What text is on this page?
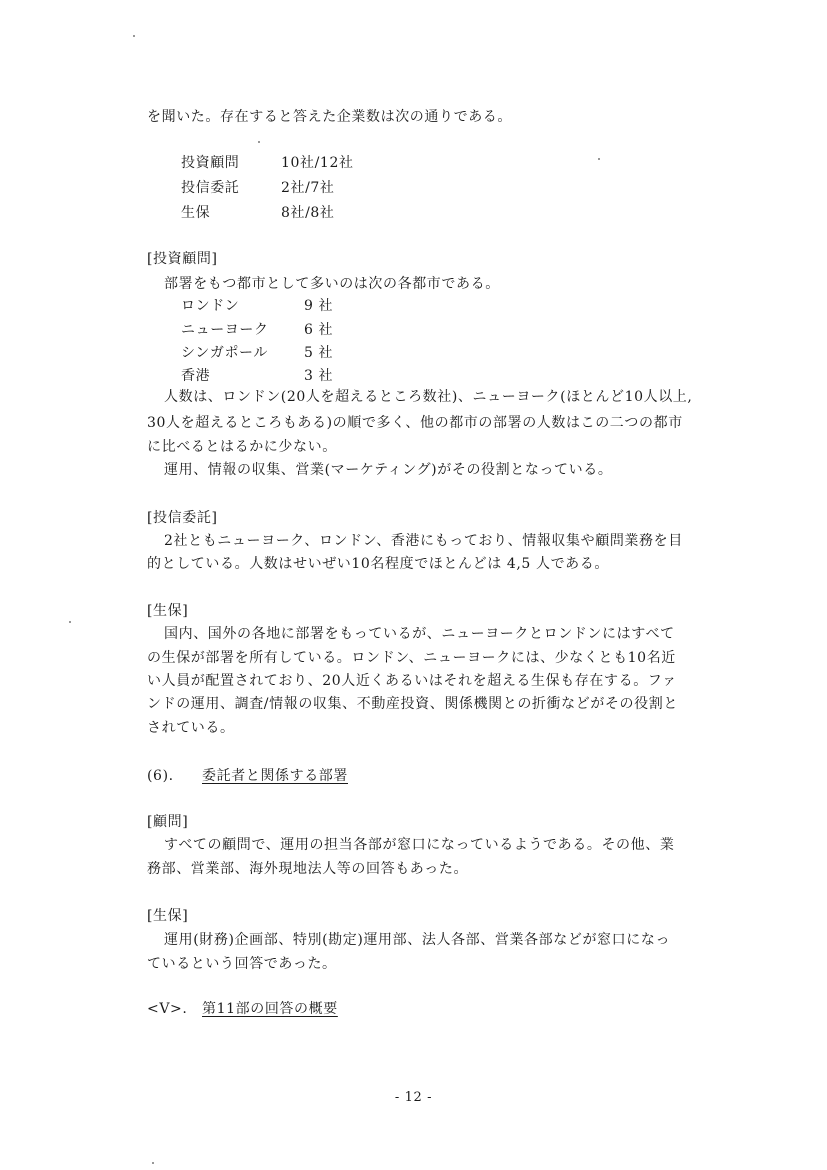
を聞いた。存在すると答えた企業数は次の通りである。
投資顧問	10社/12社
投信委託	2社/7社
生保	8社/8社
[投資顧問]
部署をもつ都市として多いのは次の各都市である。
ロンドン	9 社
ニューヨーク	6 社
シンガポール	5 社
香港	3 社
人数は、ロンドン(20人を超えるところ数社)、ニューヨーク(ほとんど10人以上,
30人を超えるところもある)の順で多く、他の都市の部署の人数はこの二つの都市
に比べるとはるかに少ない。
運用、情報の収集、営業(マーケティング)がその役割となっている。
[投信委託]
2社ともニューヨーク、ロンドン、香港にもっており、情報収集や顧問業務を目
的としている。人数はせいぜい10名程度でほとんどは 4,5 人である。
[生保]
国内、国外の各地に部署をもっているが、ニューヨークとロンドンにはすべて
の生保が部署を所有している。ロンドン、ニューヨークには、少なくとも10名近
い人員が配置されており、20人近くあるいはそれを超える生保も存在する。ファ
ンドの運用、調査/情報の収集、不動産投資、関係機関との折衝などがその役割と
されている。
(6). 委託者と関係する部署
[顧問]
すべての顧問で、運用の担当各部が窓口になっているようである。その他、業
務部、営業部、海外現地法人等の回答もあった。
[生保]
運用(財務)企画部、特別(勘定)運用部、法人各部、営業各部などが窓口になっ
ているという回答であった。
<V>. 第11部の回答の概要
- 12 -
